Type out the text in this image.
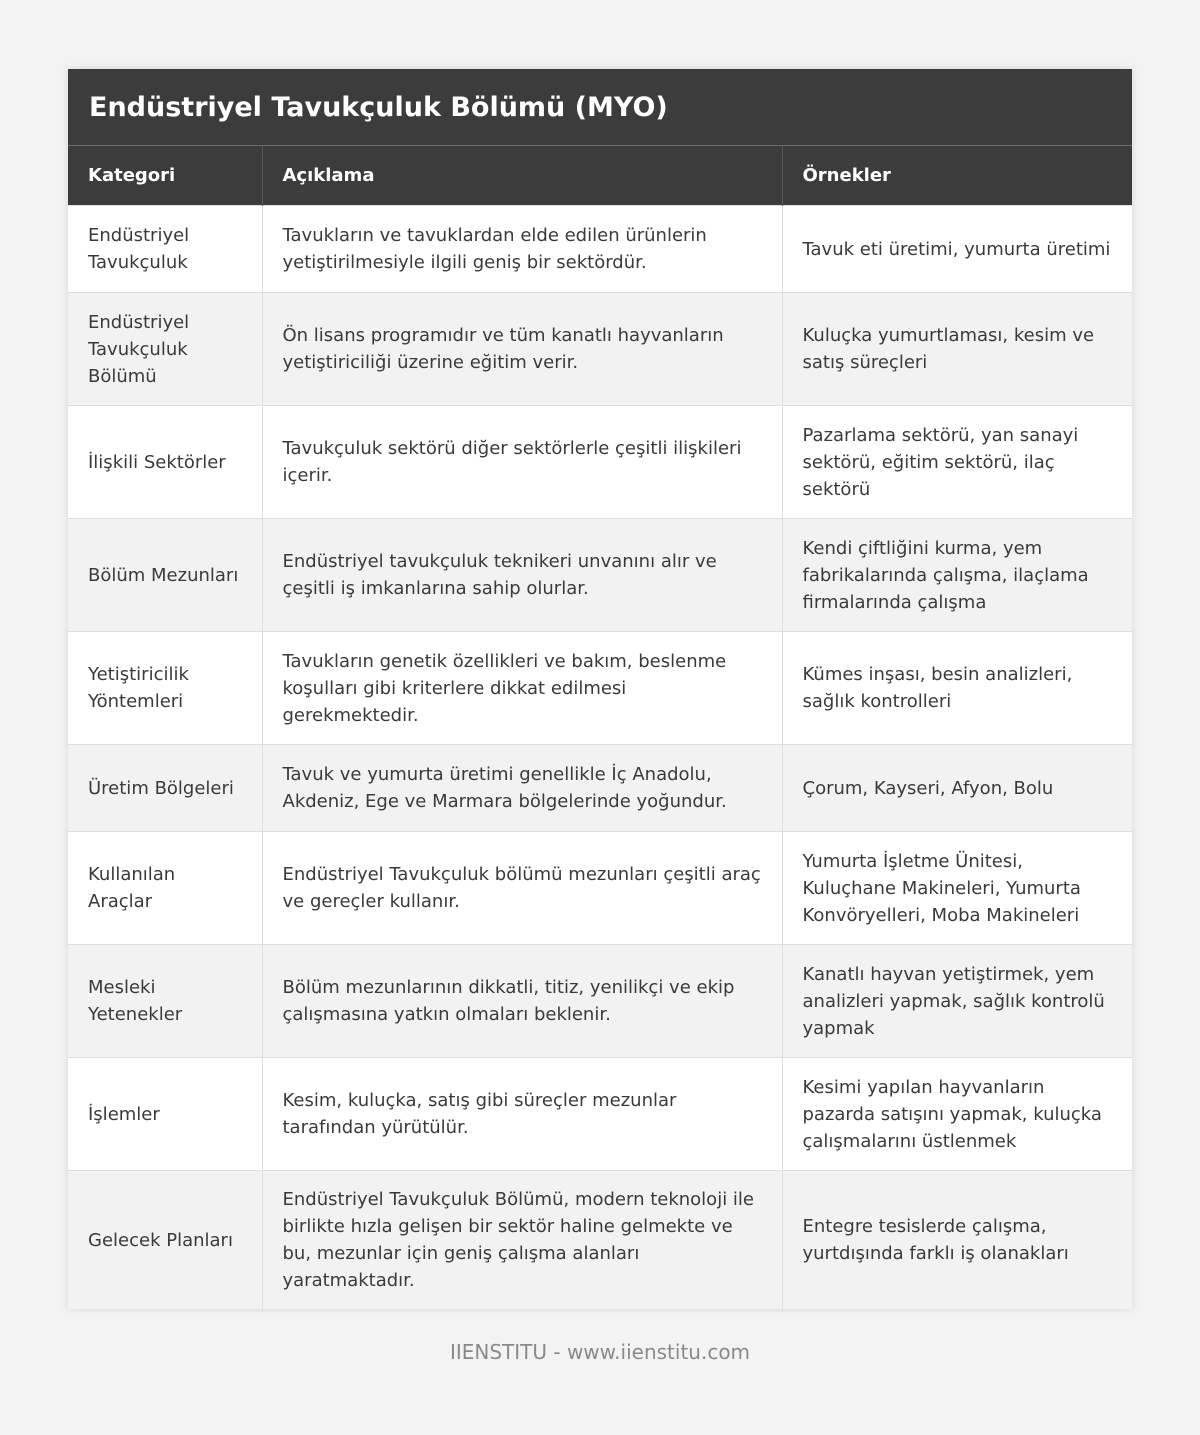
Endüstriyel Tavukçuluk Bölümü (MYO)
Kategori	Açıklama	Örnekler
Endüstriyel Tavukçuluk	Tavukların ve tavuklardan elde edilen ürünlerin yetiştirilmesiyle ilgili geniş bir sektördür.	Tavuk eti üretimi, yumurta üretimi
Endüstriyel Tavukçuluk Bölümü	Ön lisans programıdır ve tüm kanatlı hayvanların yetiştiriciliği üzerine eğitim verir.	Kuluçka yumurtlaması, kesim ve satış süreçleri
İlişkili Sektörler	Tavukçuluk sektörü diğer sektörlerle çeşitli ilişkileri içerir.	Pazarlama sektörü, yan sanayi sektörü, eğitim sektörü, ilaç sektörü
Bölüm Mezunları	Endüstriyel tavukçuluk teknikeri unvanını alır ve çeşitli iş imkanlarına sahip olurlar.	Kendi çiftliğini kurma, yem fabrikalarında çalışma, ilaçlama firmalarında çalışma
Yetiştiricilik Yöntemleri	Tavukların genetik özellikleri ve bakım, beslenme koşulları gibi kriterlere dikkat edilmesi gerekmektedir.	Kümes inşası, besin analizleri, sağlık kontrolleri
Üretim Bölgeleri	Tavuk ve yumurta üretimi genellikle İç Anadolu, Akdeniz, Ege ve Marmara bölgelerinde yoğundur.	Çorum, Kayseri, Afyon, Bolu
Kullanılan Araçlar	Endüstriyel Tavukçuluk bölümü mezunları çeşitli araç ve gereçler kullanır.	Yumurta İşletme Ünitesi, Kuluçhane Makineleri, Yumurta Konvöryelleri, Moba Makineleri
Mesleki Yetenekler	Bölüm mezunlarının dikkatli, titiz, yenilikçi ve ekip çalışmasına yatkın olmaları beklenir.	Kanatlı hayvan yetiştirmek, yem analizleri yapmak, sağlık kontrolü yapmak
İşlemler	Kesim, kuluçka, satış gibi süreçler mezunlar tarafından yürütülür.	Kesimi yapılan hayvanların pazarda satışını yapmak, kuluçka çalışmalarını üstlenmek
Gelecek Planları	Endüstriyel Tavukçuluk Bölümü, modern teknoloji ile birlikte hızla gelişen bir sektör haline gelmekte ve bu, mezunlar için geniş çalışma alanları yaratmaktadır.	Entegre tesislerde çalışma, yurtdışında farklı iş olanakları
IIENSTITU - www.iienstitu.com
